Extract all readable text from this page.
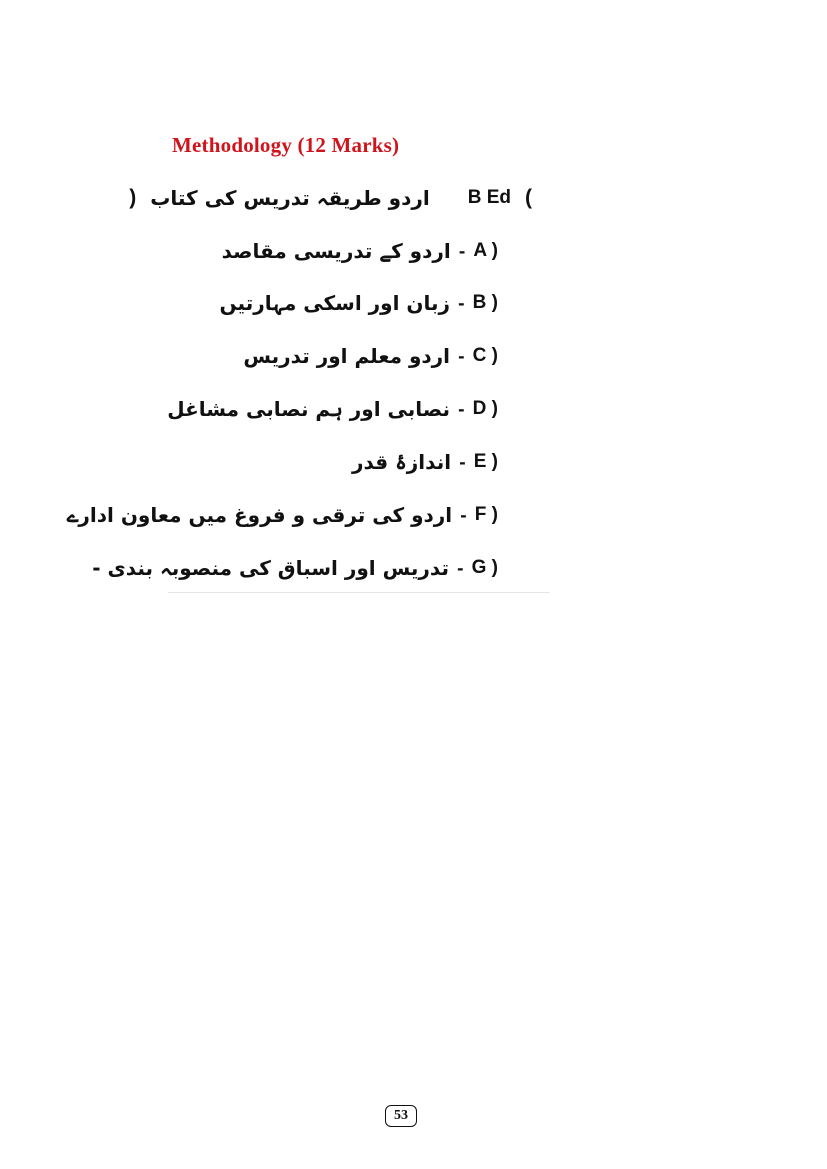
Methodology (12 Marks)
) اردو طریقہ تدریس کی کتاب B Ed (
اردو کے تدریسی مقاصد - A )
زبان اور اسکی مہارتیں - B )
اردو معلم اور تدریس - C )
نصابی اور ہم نصابی مشاغل - D )
اندازۂ قدر - E )
اردو کی ترقی و فروغ میں معاون ادارے - F )
تدریس اور اسباق کی منصوبہ بندی - - G )
53
